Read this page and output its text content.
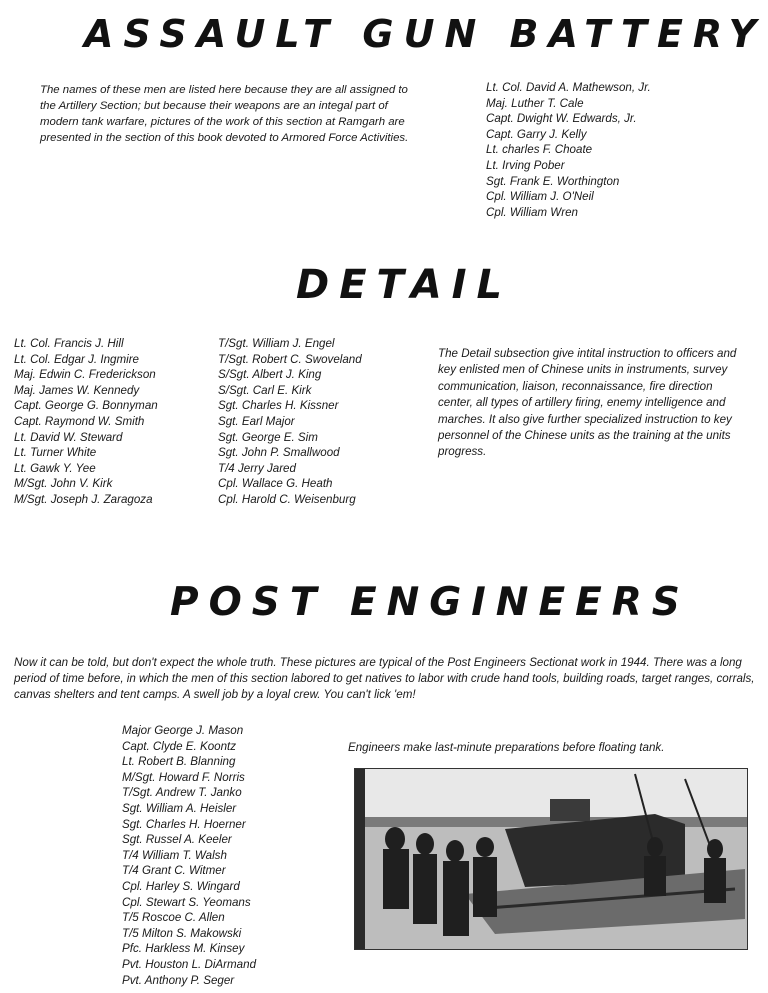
ASSAULT GUN BATTERY

The names of these men are listed here because they are all assigned to the Artillery Section; but because their weapons are an integal part of modern tank warfare, pictures of the work of this section at Ramgarh are presented in the section of this book devoted to Armored Force Activities.

Lt. Col. David A. Mathewson, Jr.
Maj. Luther T. Cale
Capt. Dwight W. Edwards, Jr.
Capt. Garry J. Kelly
Lt. charles F. Choate
Lt. Irving Pober
Sgt. Frank E. Worthington
Cpl. William J. O'Neil
Cpl. William Wren
DETAIL
Lt. Col. Francis J. Hill
Lt. Col. Edgar J. Ingmire
Maj. Edwin C. Frederickson
Maj. James W. Kennedy
Capt. George G. Bonnyman
Capt. Raymond W. Smith
Lt. David W. Steward
Lt. Turner White
Lt. Gawk Y. Yee
M/Sgt. John V. Kirk
M/Sgt. Joseph J. Zaragoza
T/Sgt. William J. Engel
T/Sgt. Robert C. Swoveland
S/Sgt. Albert J. King
S/Sgt. Carl E. Kirk
Sgt. Charles H. Kissner
Sgt. Earl Major
Sgt. George E. Sim
Sgt. John P. Smallwood
T/4 Jerry Jared
Cpl. Wallace G. Heath
Cpl. Harold C. Weisenburg

The Detail subsection give intital instruction to officers and key enlisted men of Chinese units in instruments, survey communication, liaison, reconnaissance, fire direction center, all types of artillery firing, enemy intelligence and marches. It also give further specialized instruction to key personnel of the Chinese units as the training at the units progress.

POST ENGINEERS

Now it can be told, but don't expect the whole truth. These pictures are typical of the Post Engineers Sectionat work in 1944. There was a long period of time before, in which the men of this section labored to get natives to labor with crude hand tools, building roads, target ranges, corrals, canvas shelters and tent camps. A swell job by a loyal crew. You can't lick 'em!

Major George J. Mason
Capt. Clyde E. Koontz
Lt. Robert B. Blanning
M/Sgt. Howard F. Norris
T/Sgt. Andrew T. Janko
Sgt. William A. Heisler
Sgt. Charles H. Hoerner
Sgt. Russel A. Keeler
T/4 William T. Walsh
T/4 Grant C. Witmer
Cpl. Harley S. Wingard
Cpl. Stewart S. Yeomans
T/5 Roscoe C. Allen
T/5 Milton S. Makowski
Pfc. Harkless M. Kinsey
Pvt. Houston L. DiArmand
Pvt. Anthony P. Seger

Engineers make last-minute preparations before floating tank.
